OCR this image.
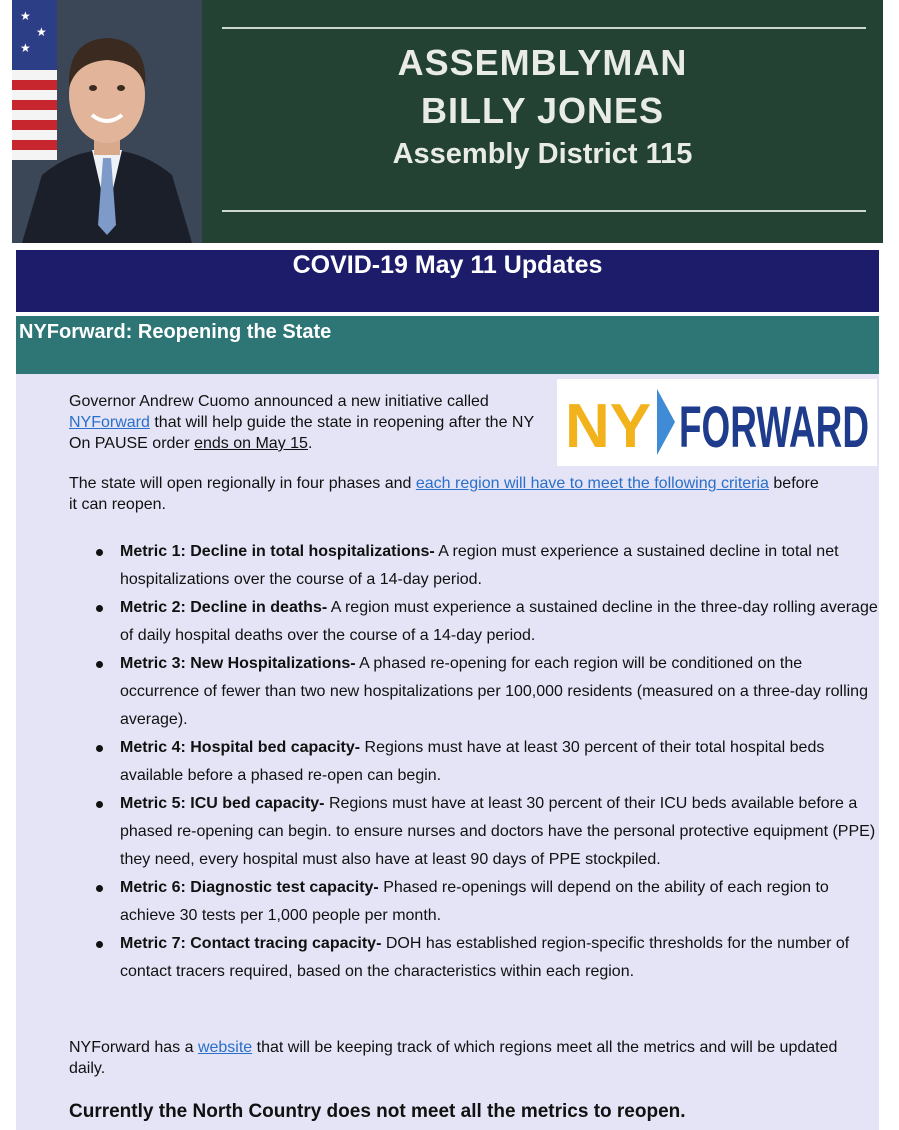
★
★
★	ASSEMBLYMAN
BILLY JONES
Assembly District 115
COVID-19 May 11 Updates
NYForward: Reopening the State
NY FORWARD

Governor Andrew Cuomo announced a new initiative called NYForward that will help guide the state in reopening after the NY On PAUSE order ends on May 15.

The state will open regionally in four phases and each region will have to meet the following criteria before it can reopen.

Metric 1: Decline in total hospitalizations- A region must experience a sustained decline in total net hospitalizations over the course of a 14-day period.
Metric 2: Decline in deaths- A region must experience a sustained decline in the three-day rolling average of daily hospital deaths over the course of a 14-day period.
Metric 3: New Hospitalizations- A phased re-opening for each region will be conditioned on the occurrence of fewer than two new hospitalizations per 100,000 residents (measured on a three-day rolling average).
Metric 4: Hospital bed capacity- Regions must have at least 30 percent of their total hospital beds available before a phased re-open can begin.
Metric 5: ICU bed capacity- Regions must have at least 30 percent of their ICU beds available before a phased re-opening can begin. to ensure nurses and doctors have the personal protective equipment (PPE) they need, every hospital must also have at least 90 days of PPE stockpiled.
Metric 6: Diagnostic test capacity- Phased re-openings will depend on the ability of each region to achieve 30 tests per 1,000 people per month.
Metric 7: Contact tracing capacity- DOH has established region-specific thresholds for the number of contact tracers required, based on the characteristics within each region.

NYForward has a website that will be keeping track of which regions meet all the metrics and will be updated daily.

Currently the North Country does not meet all the metrics to reopen.
